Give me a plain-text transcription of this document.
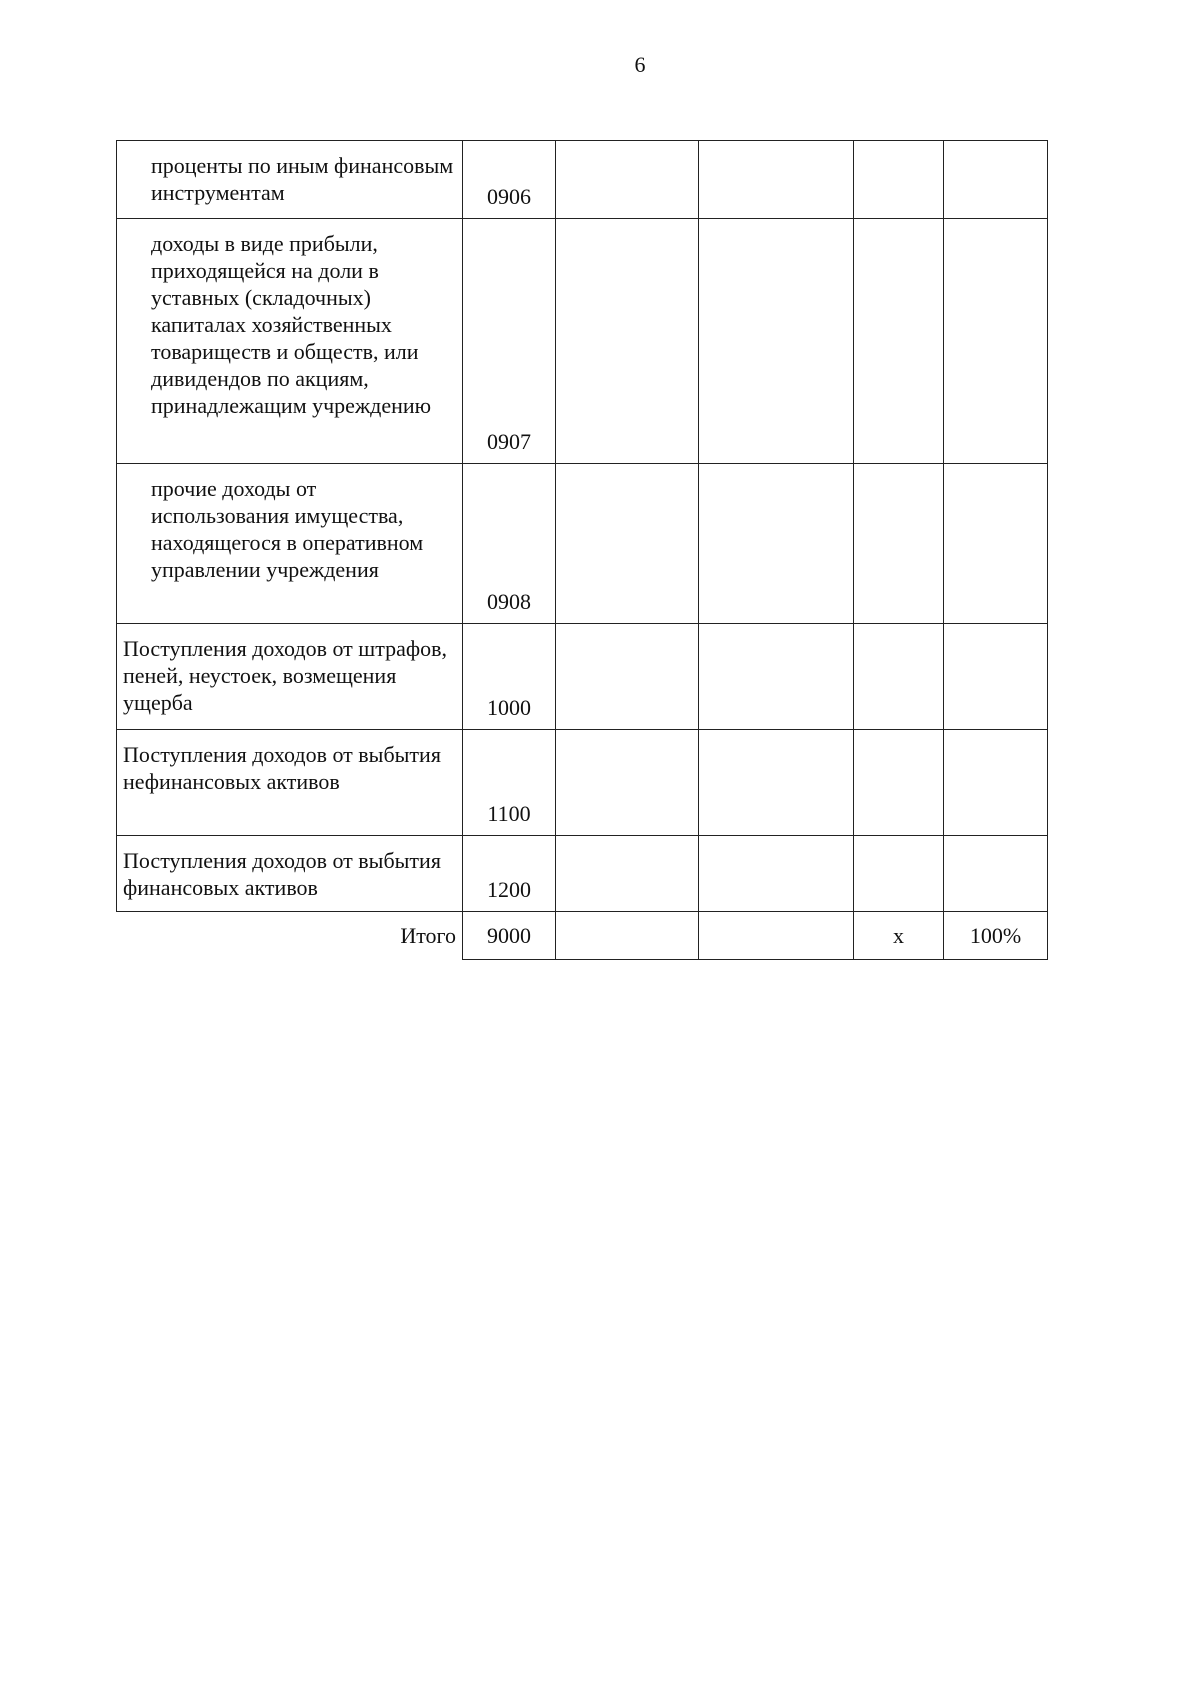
6
проценты по иным финансовым инструментам	0906				

доходы в виде прибыли, приходящейся на доли в уставных (складочных) капиталах хозяйственных товариществ и обществ, или дивидендов по акциям, принадлежащим учреждению	0907				

прочие доходы от использования имущества, находящегося в оперативном управлении учреждения	0908				

Поступления доходов от штрафов, пеней, неустоек, возмещения ущерба	1000				

Поступления доходов от выбытия нефинансовых активов	1100				

Поступления доходов от выбытия финансовых активов	1200				
Итого	9000			x	100%
